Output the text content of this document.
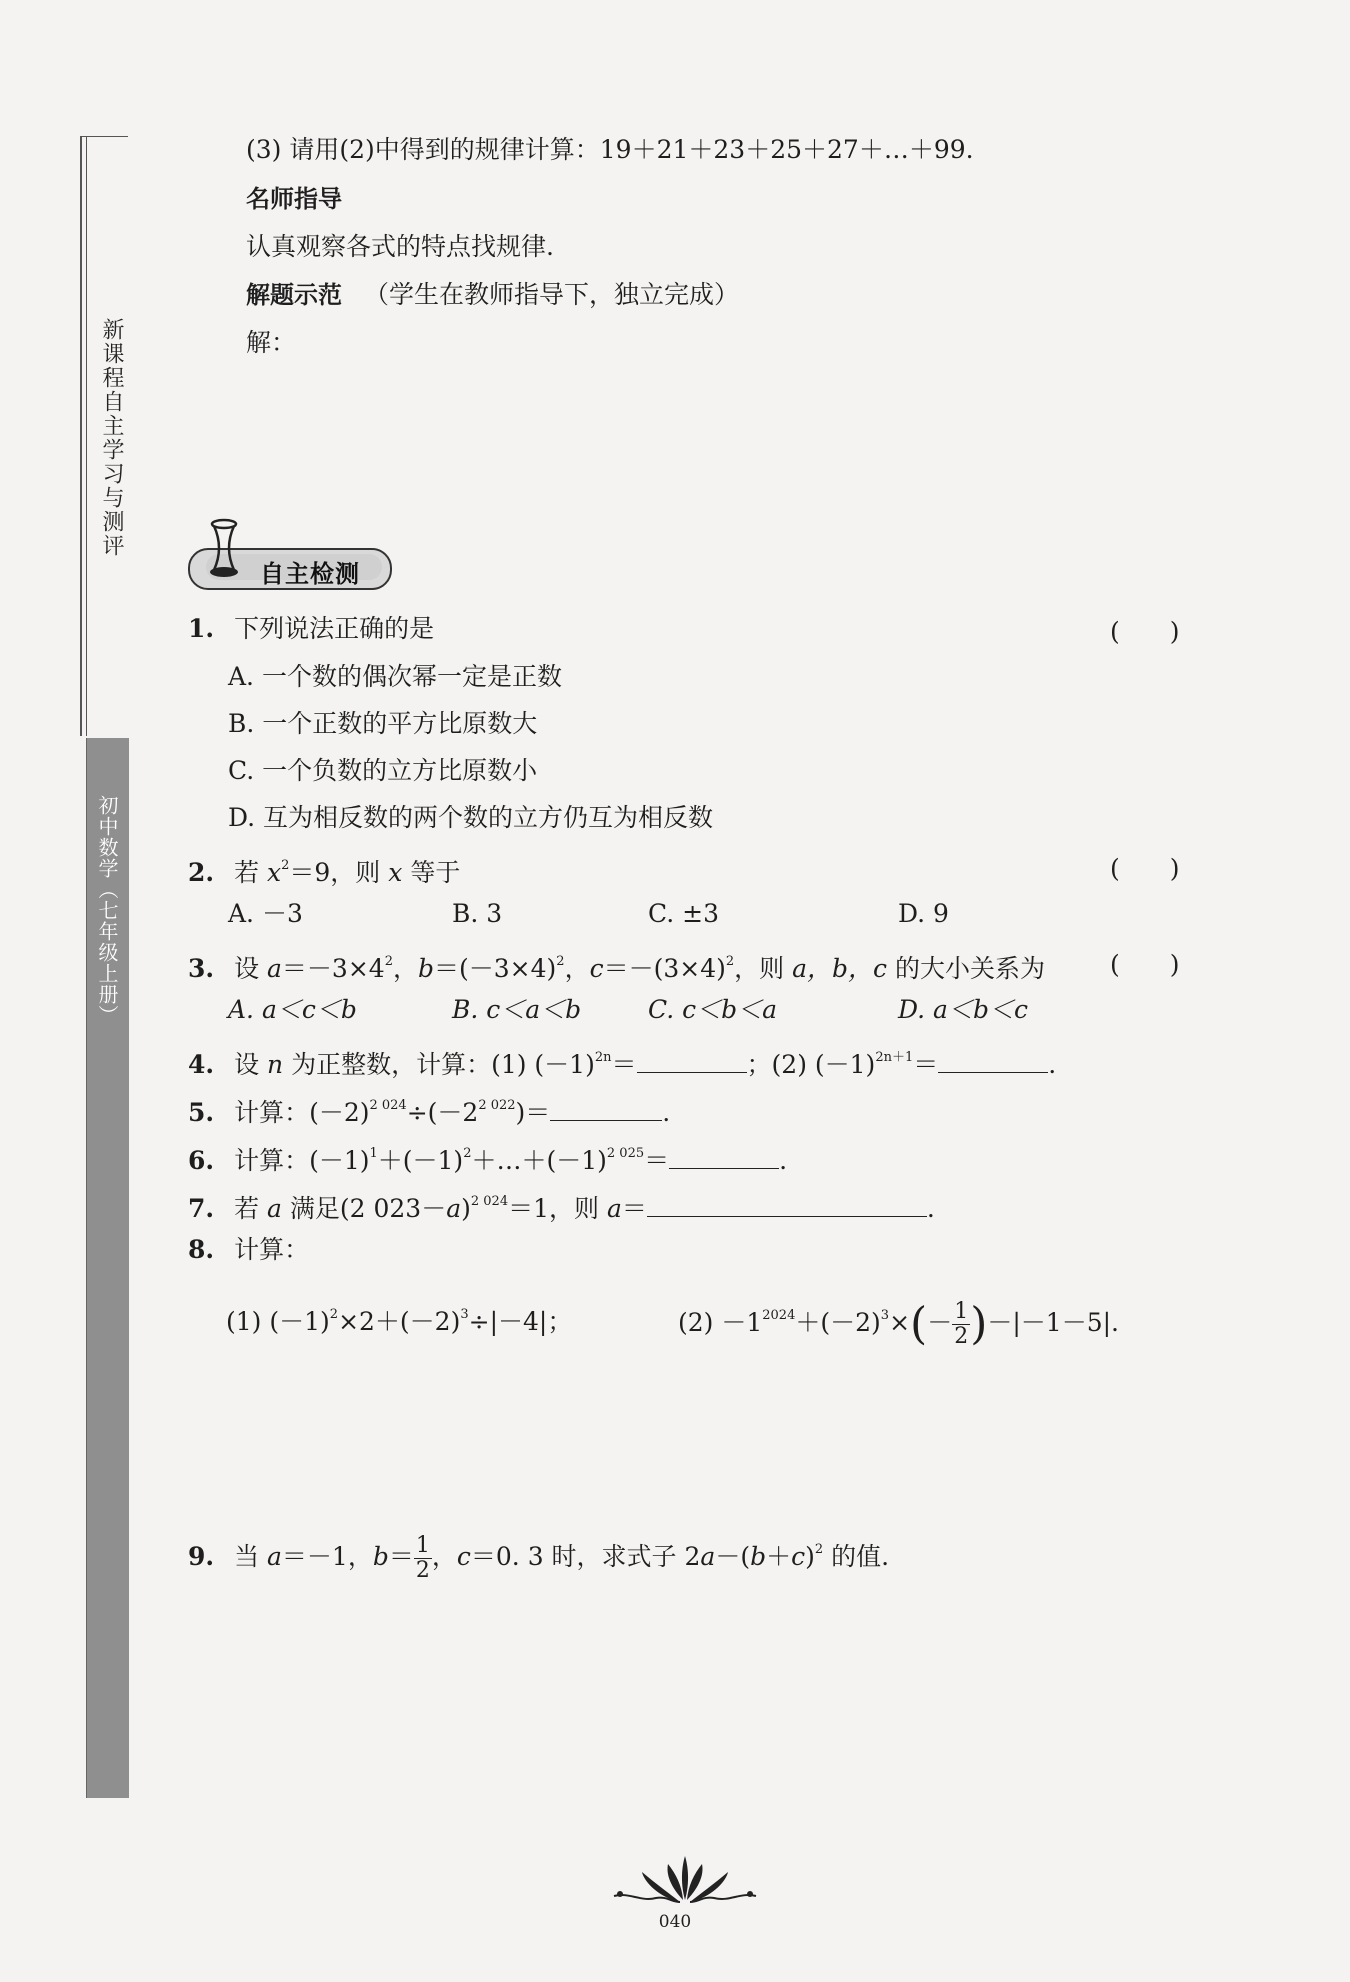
新课程自主学习与测评
初中数学（七年级上册）
(3) 请用(2)中得到的规律计算：19＋21＋23＋25＋27＋…＋99.
名师指导
认真观察各式的特点找规律.
解题示范 （学生在教师指导下，独立完成）
解：
自主检测
1. 下列说法正确的是	(　　)
A. 一个数的偶次幂一定是正数
B. 一个正数的平方比原数大
C. 一个负数的立方比原数小
D. 互为相反数的两个数的立方仍互为相反数
2. 若 $x^2=9$，则 x 等于	(　　)
A. －3	B. 3	C. ±3	D. 9
3. 设 $a=-3\times 4^2$，$b=(-3\times 4)^2$，$c=-(3\times 4)^2$，则 a，b，c 的大小关系为	(　　)
A. a＜c＜b	B. c＜a＜b	C. c＜b＜a	D. a＜b＜c
4. 设 n 为正整数，计算：(1) $(-1)^{2n}=$	；(2) $(-1)^{2n+1}=$	.
5. 计算：$(-2)^{2 024}\div(-2^{2 022})=$	.
6. 计算：$(-1)^1+(-1)^2+\dots+(-1)^{2 025}=$	.
7. 若 a 满足(2 023－a)$^{2 024}$＝1，则 a＝	.
8. 计算：
(1) $(-1)^2\times 2+(-2)^3\div|-4|$；	$(2) -1^{2024}+(-2)^3\times(- \frac{1}{2} )-|-1-5|$.
9. 当 a＝－1，$b= \frac{1}{2}$ ，c＝0. 3 时，求式子 $2a-(b+c)^2$ 的值.
040
